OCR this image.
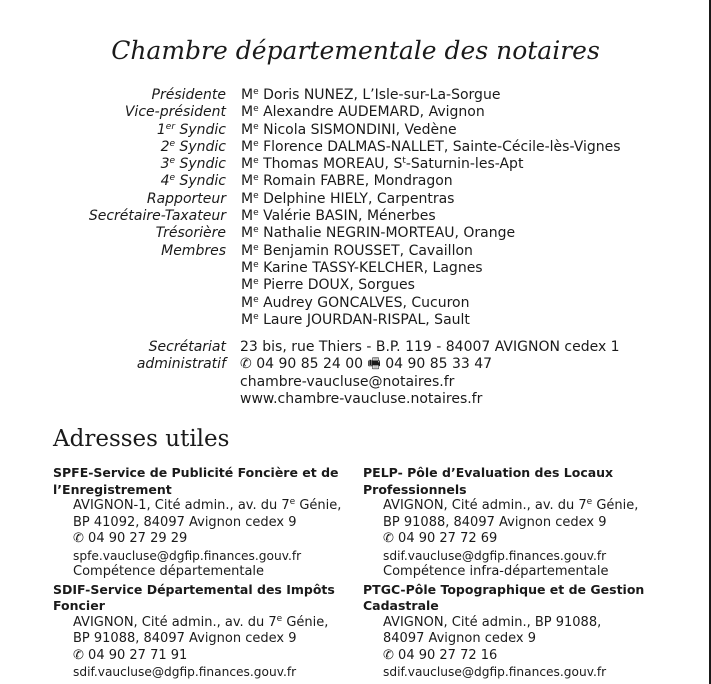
Chambre départementale des notaires
Présidente Me Doris NUNEZ, L’Isle-sur-La-Sorgue
Vice-président Me Alexandre AUDEMARD, Avignon
1er Syndic Me Nicola SISMONDINI, Vedène
2e Syndic Me Florence DALMAS-NALLET, Sainte-Cécile-lès-Vignes
3e Syndic Me Thomas MOREAU, $S^t-Saturnin-les$-Apt
4e Syndic Me Romain FABRE, Mondragon
Rapporteur Me Delphine HIELY, Carpentras
Secrétaire-Taxateur Me Valérie BASIN, Ménerbes
Trésorière Me Nathalie NEGRIN-MORTEAU, Orange
Membres Me Benjamin ROUSSET, Cavaillon
Me Karine TASSY-KELCHER, Lagnes
Me Pierre DOUX, Sorgues
Me Audrey GONCALVES, Cucuron
Me Laure JOURDAN-RISPAL, Sault
Secrétariat 23 bis, rue Thiers - B.P. 119 - 84007 AVIGNON cedex 1
administratif ✆ 04 90 85 24 00 🖷 04 90 85 33 47
chambre-vaucluse@notaires.fr
www.chambre-vaucluse.notaires.fr
Adresses utiles
SPFE-Service de Publicité Foncière et de l’Enregistrement
AVIGNON-1, Cité admin., av. du 7e Génie,
BP 41092, 84097 Avignon cedex 9
✆ 04 90 27 29 29
spfe.vaucluse@dgfip.finances.gouv.fr
Compétence départementale
SDIF-Service Départemental des Impôts Foncier
AVIGNON, Cité admin., av. du 7e Génie,
BP 91088, 84097 Avignon cedex 9
✆ 04 90 27 71 91
sdif.vaucluse@dgfip.finances.gouv.fr
PELP- Pôle d’Evaluation des Locaux Professionnels
AVIGNON, Cité admin., av. du 7e Génie,
BP 91088, 84097 Avignon cedex 9
✆ 04 90 27 72 69
sdif.vaucluse@dgfip.finances.gouv.fr
Compétence infra-départementale
PTGC-Pôle Topographique et de Gestion Cadastrale
AVIGNON, Cité admin., BP 91088,
84097 Avignon cedex 9
✆ 04 90 27 72 16
sdif.vaucluse@dgfip.finances.gouv.fr
